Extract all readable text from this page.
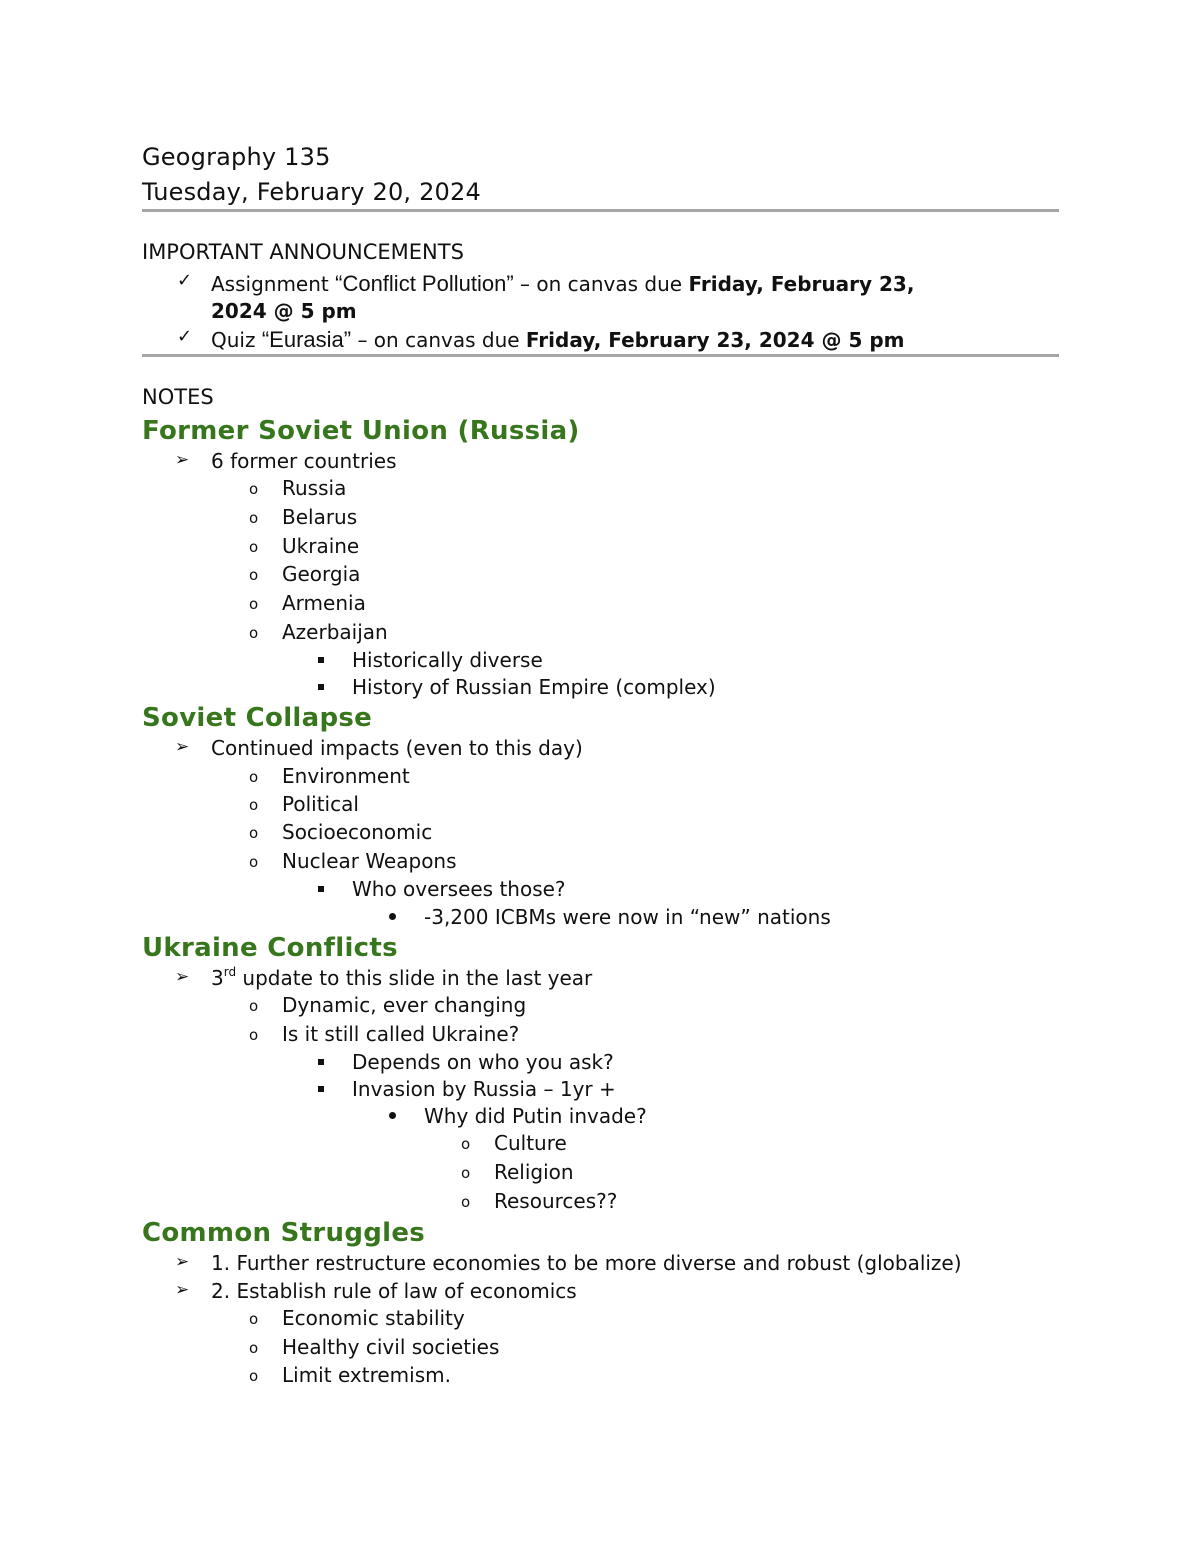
Geography 135
Tuesday, February 20, 2024
IMPORTANT ANNOUNCEMENTS
✓ Assignment “Conflict Pollution” – on canvas due Friday, February 23,
2024 @ 5 pm
✓ Quiz “Eurasia” – on canvas due Friday, February 23, 2024 @ 5 pm
NOTES
Former Soviet Union (Russia)
➢ 6 former countries
o Russia
o Belarus
o Ukraine
o Georgia
o Armenia
o Azerbaijan
Historically diverse
History of Russian Empire (complex)
Soviet Collapse
➢ Continued impacts (even to this day)
o Environment
o Political
o Socioeconomic
o Nuclear Weapons
Who oversees those?
-3,200 ICBMs were now in “new” nations
Ukraine Conflicts
➢ 3rd update to this slide in the last year
o Dynamic, ever changing
o Is it still called Ukraine?
Depends on who you ask?
Invasion by Russia – 1yr +
Why did Putin invade?
o Culture
o Religion
o Resources??
Common Struggles
➢ 1. Further restructure economies to be more diverse and robust (globalize)
➢ 2. Establish rule of law of economics
o Economic stability
o Healthy civil societies
o Limit extremism.
